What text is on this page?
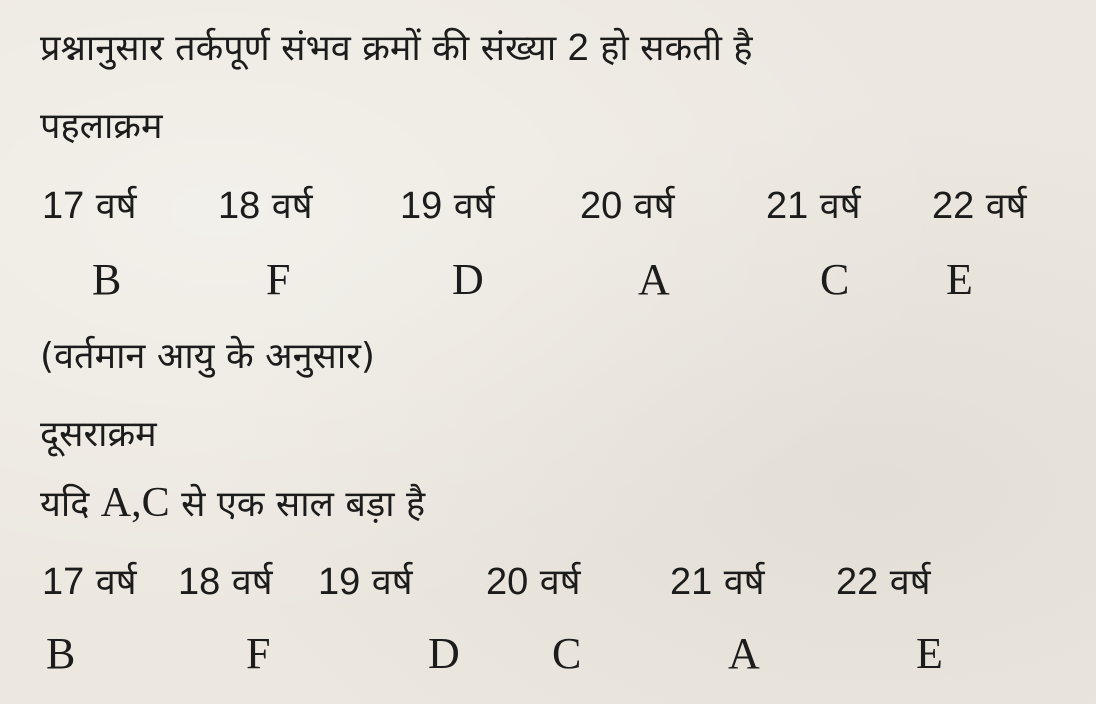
प्रश्नानुसार तर्कपूर्ण संभव क्रमों की संख्या 2 हो सकती है

पहलाक्रम

17 वर्ष 18 वर्ष 19 वर्ष 20 वर्ष 21 वर्ष 22 वर्ष
B	F	D	A	C E

(वर्तमान आयु के अनुसार)

दूसराक्रम

यदि A,C से एक साल बड़ा है

17 वर्ष 18 वर्ष 19 वर्ष 20 वर्ष 21 वर्ष 22 वर्ष
B	F	D C	A	E
